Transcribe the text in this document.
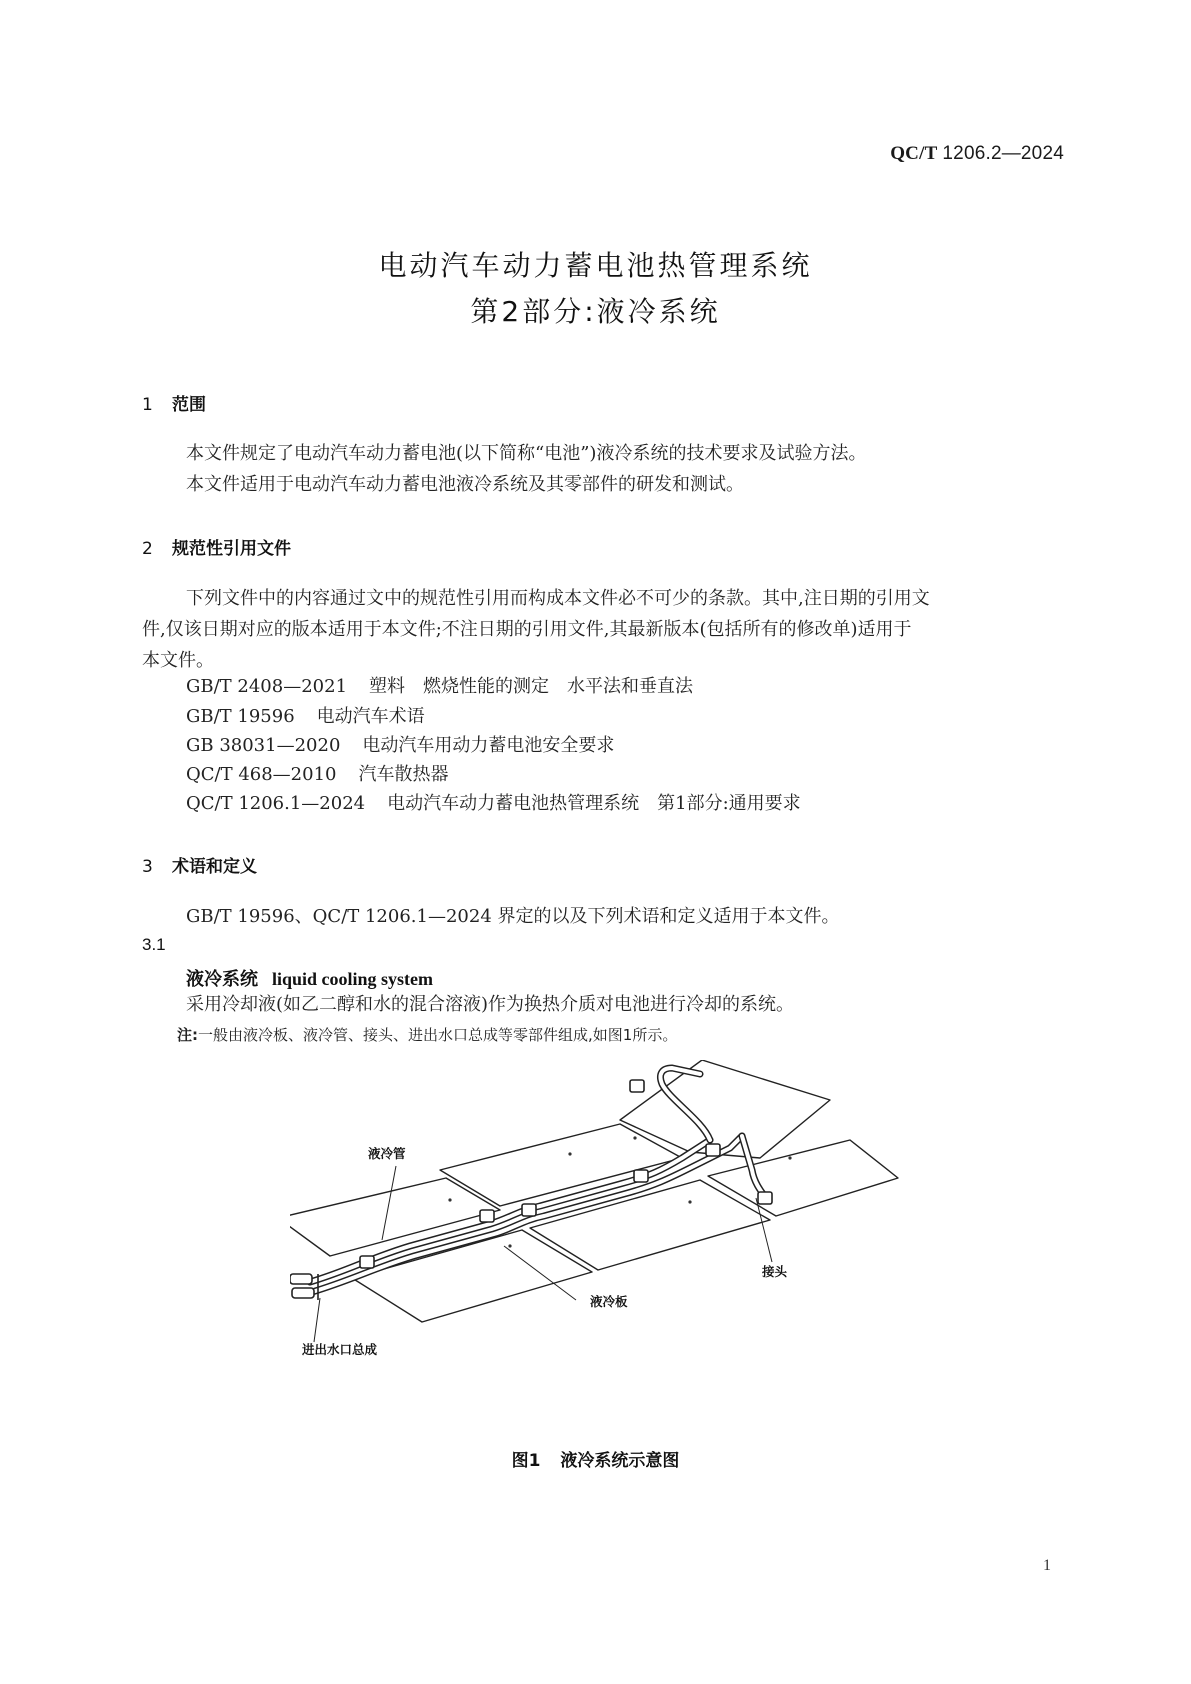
QC/T 1206.2—2024
电动汽车动力蓄电池热管理系统
第2部分:液冷系统
1 范围
本文件规定了电动汽车动力蓄电池(以下简称“电池”)液冷系统的技术要求及试验方法。
本文件适用于电动汽车动力蓄电池液冷系统及其零部件的研发和测试。
2 规范性引用文件
下列文件中的内容通过文中的规范性引用而构成本文件必不可少的条款。其中,注日期的引用文
件,仅该日期对应的版本适用于本文件;不注日期的引用文件,其最新版本(包括所有的修改单)适用于
本文件。
GB/T 2408—2021 塑料　燃烧性能的测定　水平法和垂直法
GB/T 19596 电动汽车术语
GB 38031—2020 电动汽车用动力蓄电池安全要求
QC/T 468—2010 汽车散热器
QC/T 1206.1—2024 电动汽车动力蓄电池热管理系统　第1部分:通用要求
3 术语和定义
GB/T 19596、QC/T 1206.1—2024 界定的以及下列术语和定义适用于本文件。
3.1
液冷系统 liquid cooling system
采用冷却液(如乙二醇和水的混合溶液)作为换热介质对电池进行冷却的系统。
注:一般由液冷板、液冷管、接头、进出水口总成等零部件组成,如图1所示。
液冷管
接头
液冷板
进出水口总成
图1 液冷系统示意图
1
